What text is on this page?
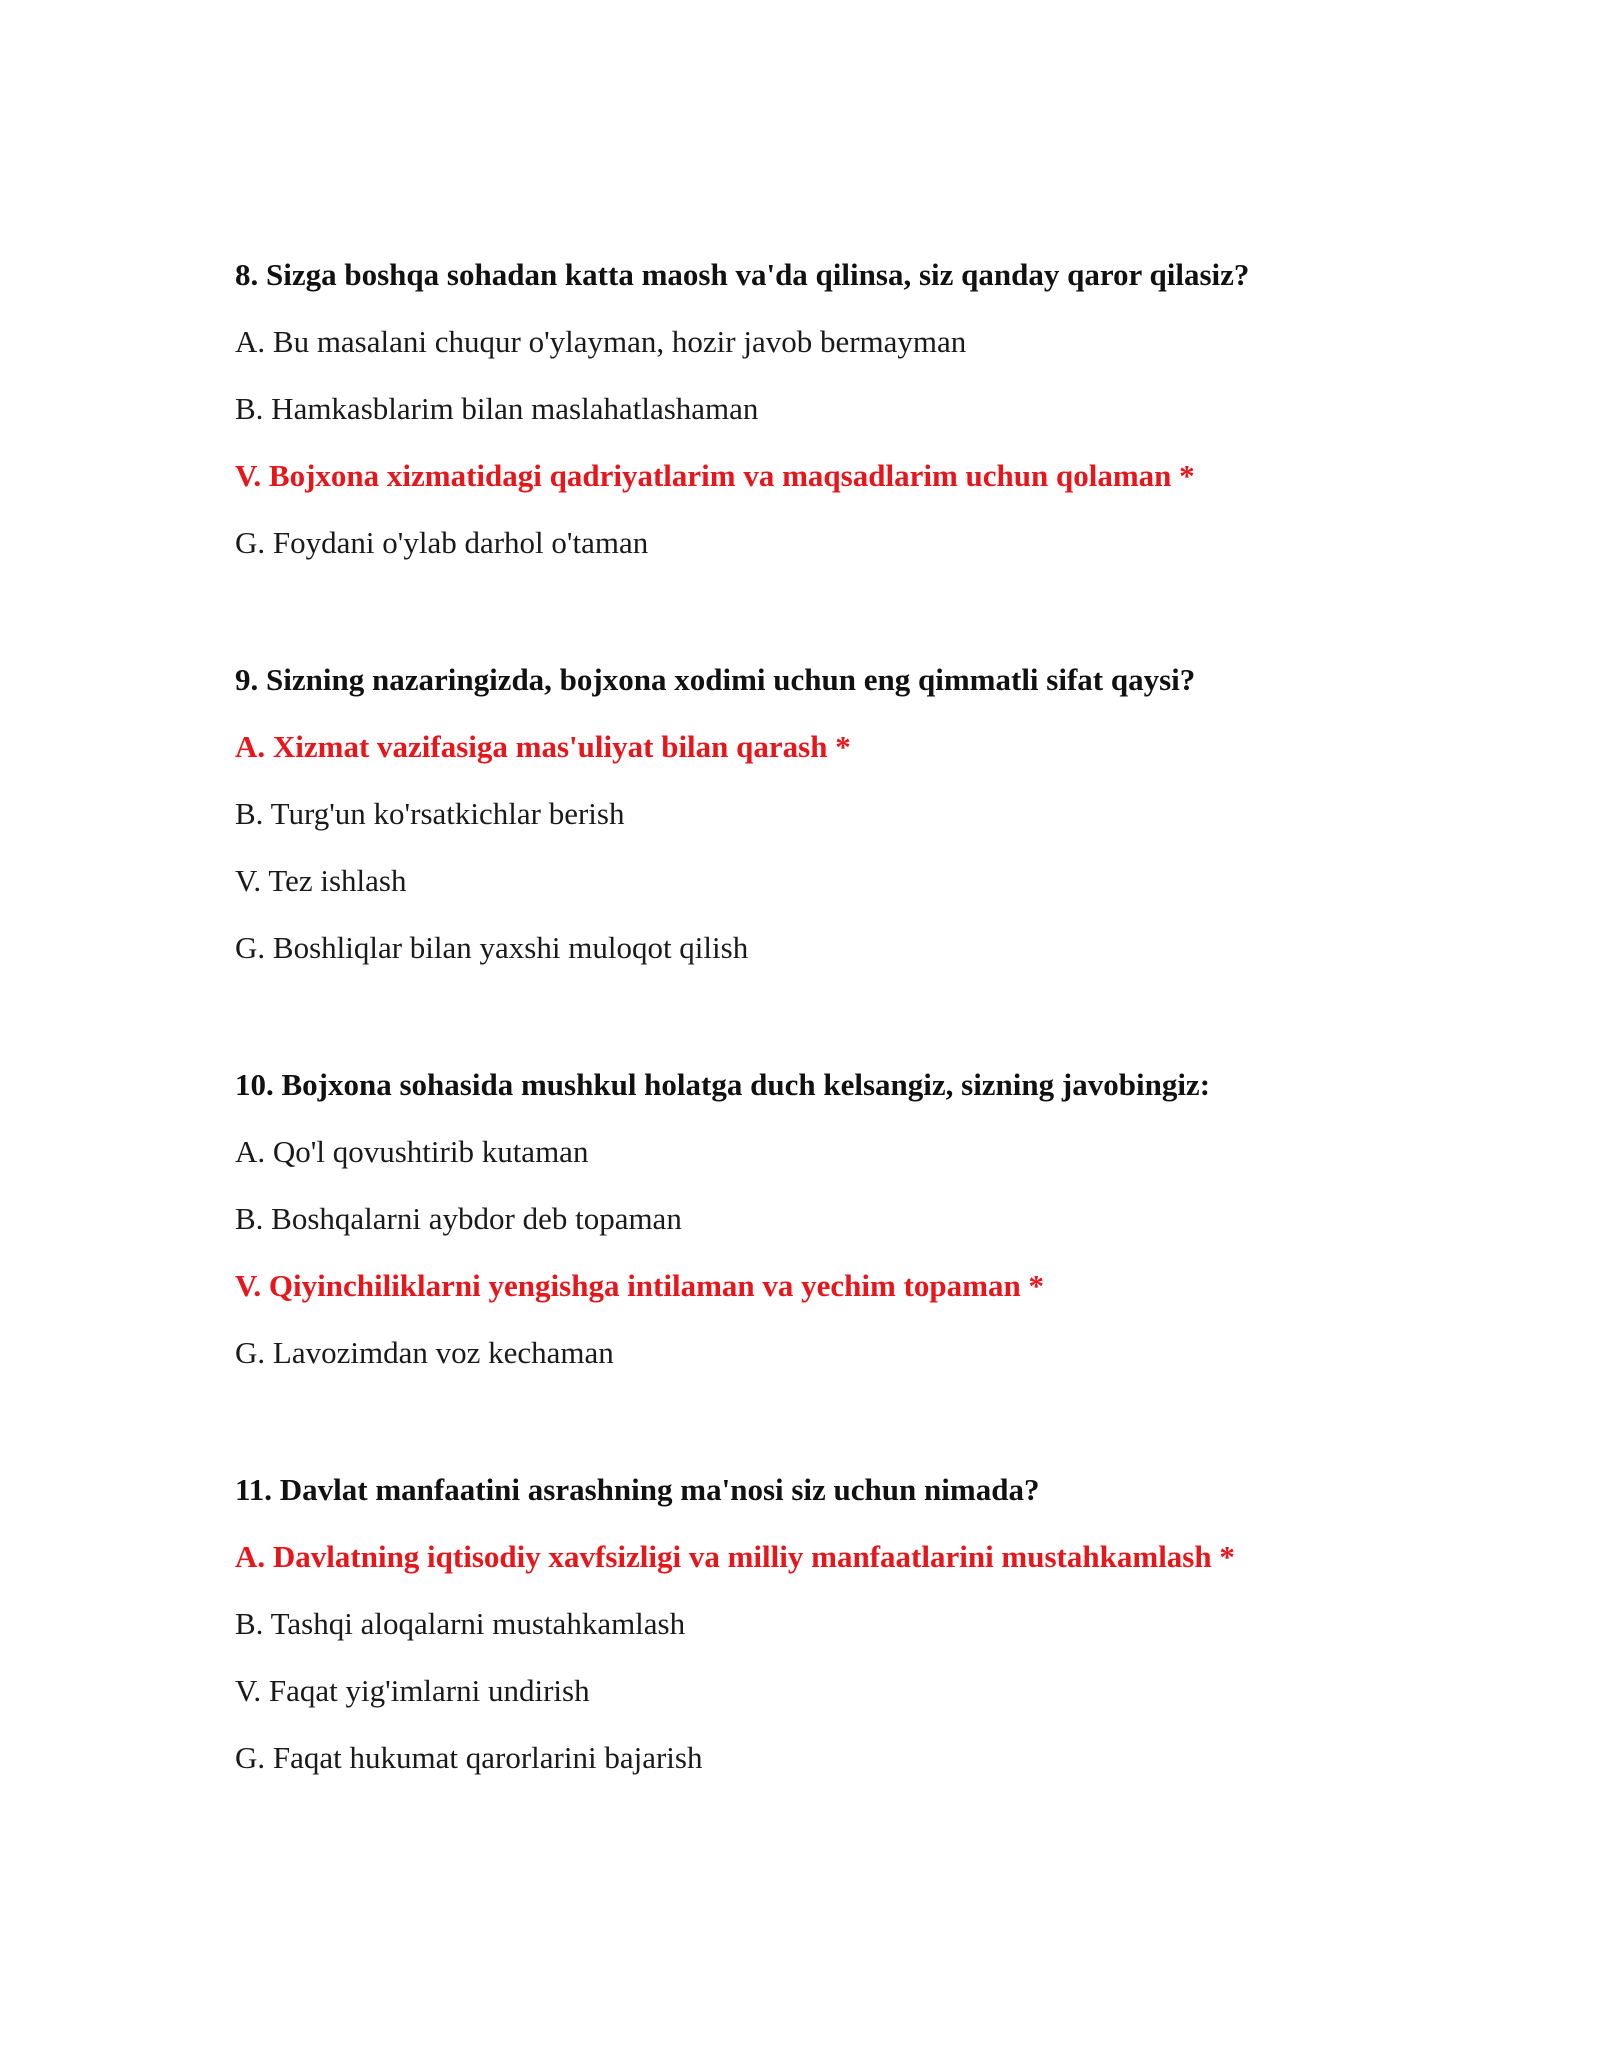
8. Sizga boshqa sohadan katta maosh va'da qilinsa, siz qanday qaror qilasiz?

A. Bu masalani chuqur o'ylayman, hozir javob bermayman

B. Hamkasblarim bilan maslahatlashaman

V. Bojxona xizmatidagi qadriyatlarim va maqsadlarim uchun qolaman *

G. Foydani o'ylab darhol o'taman

9. Sizning nazaringizda, bojxona xodimi uchun eng qimmatli sifat qaysi?

A. Xizmat vazifasiga mas'uliyat bilan qarash *

B. Turg'un ko'rsatkichlar berish

V. Tez ishlash

G. Boshliqlar bilan yaxshi muloqot qilish

10. Bojxona sohasida mushkul holatga duch kelsangiz, sizning javobingiz:

A. Qo'l qovushtirib kutaman

B. Boshqalarni aybdor deb topaman

V. Qiyinchiliklarni yengishga intilaman va yechim topaman *

G. Lavozimdan voz kechaman

11. Davlat manfaatini asrashning ma'nosi siz uchun nimada?

A. Davlatning iqtisodiy xavfsizligi va milliy manfaatlarini mustahkamlash *

B. Tashqi aloqalarni mustahkamlash

V. Faqat yig'imlarni undirish

G. Faqat hukumat qarorlarini bajarish
